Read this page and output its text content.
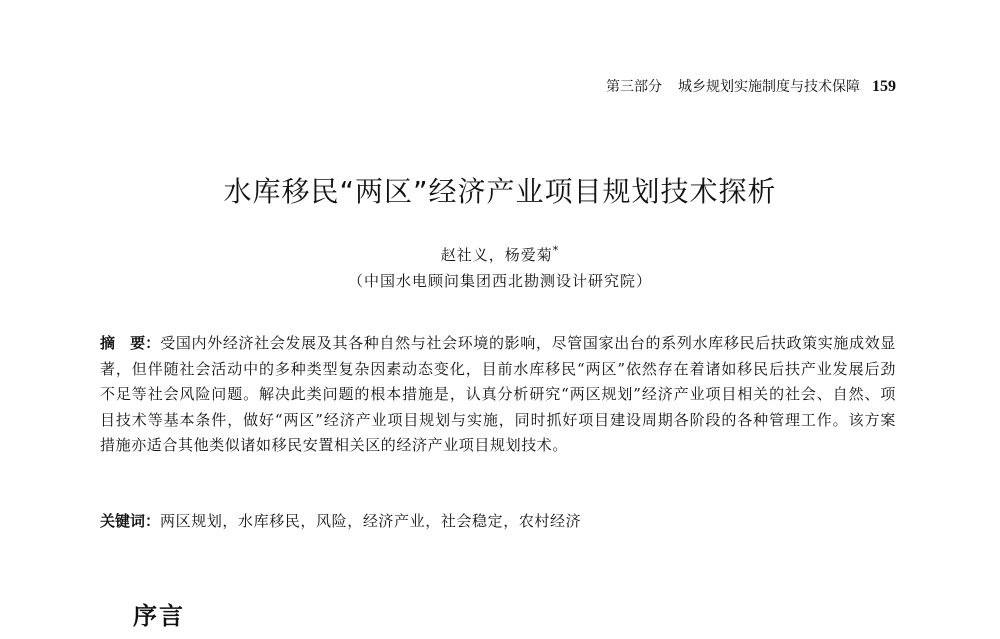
第三部分 城乡规划实施制度与技术保障 159
水库移民“两区”经济产业项目规划技术探析
赵社义，杨爱菊*
（中国水电顾问集团西北勘测设计研究院）
摘　要：受国内外经济社会发展及其各种自然与社会环境的影响，尽管国家出台的系列水库移民后扶政策实施成效显著，但伴随社会活动中的多种类型复杂因素动态变化，目前水库移民“两区”依然存在着诸如移民后扶产业发展后劲不足等社会风险问题。解决此类问题的根本措施是，认真分析研究“两区规划”经济产业项目相关的社会、自然、项目技术等基本条件，做好“两区”经济产业项目规划与实施，同时抓好项目建设周期各阶段的各种管理工作。该方案措施亦适合其他类似诸如移民安置相关区的经济产业项目规划技术。
关键词：两区规划，水库移民，风险，经济产业，社会稳定，农村经济
序言
